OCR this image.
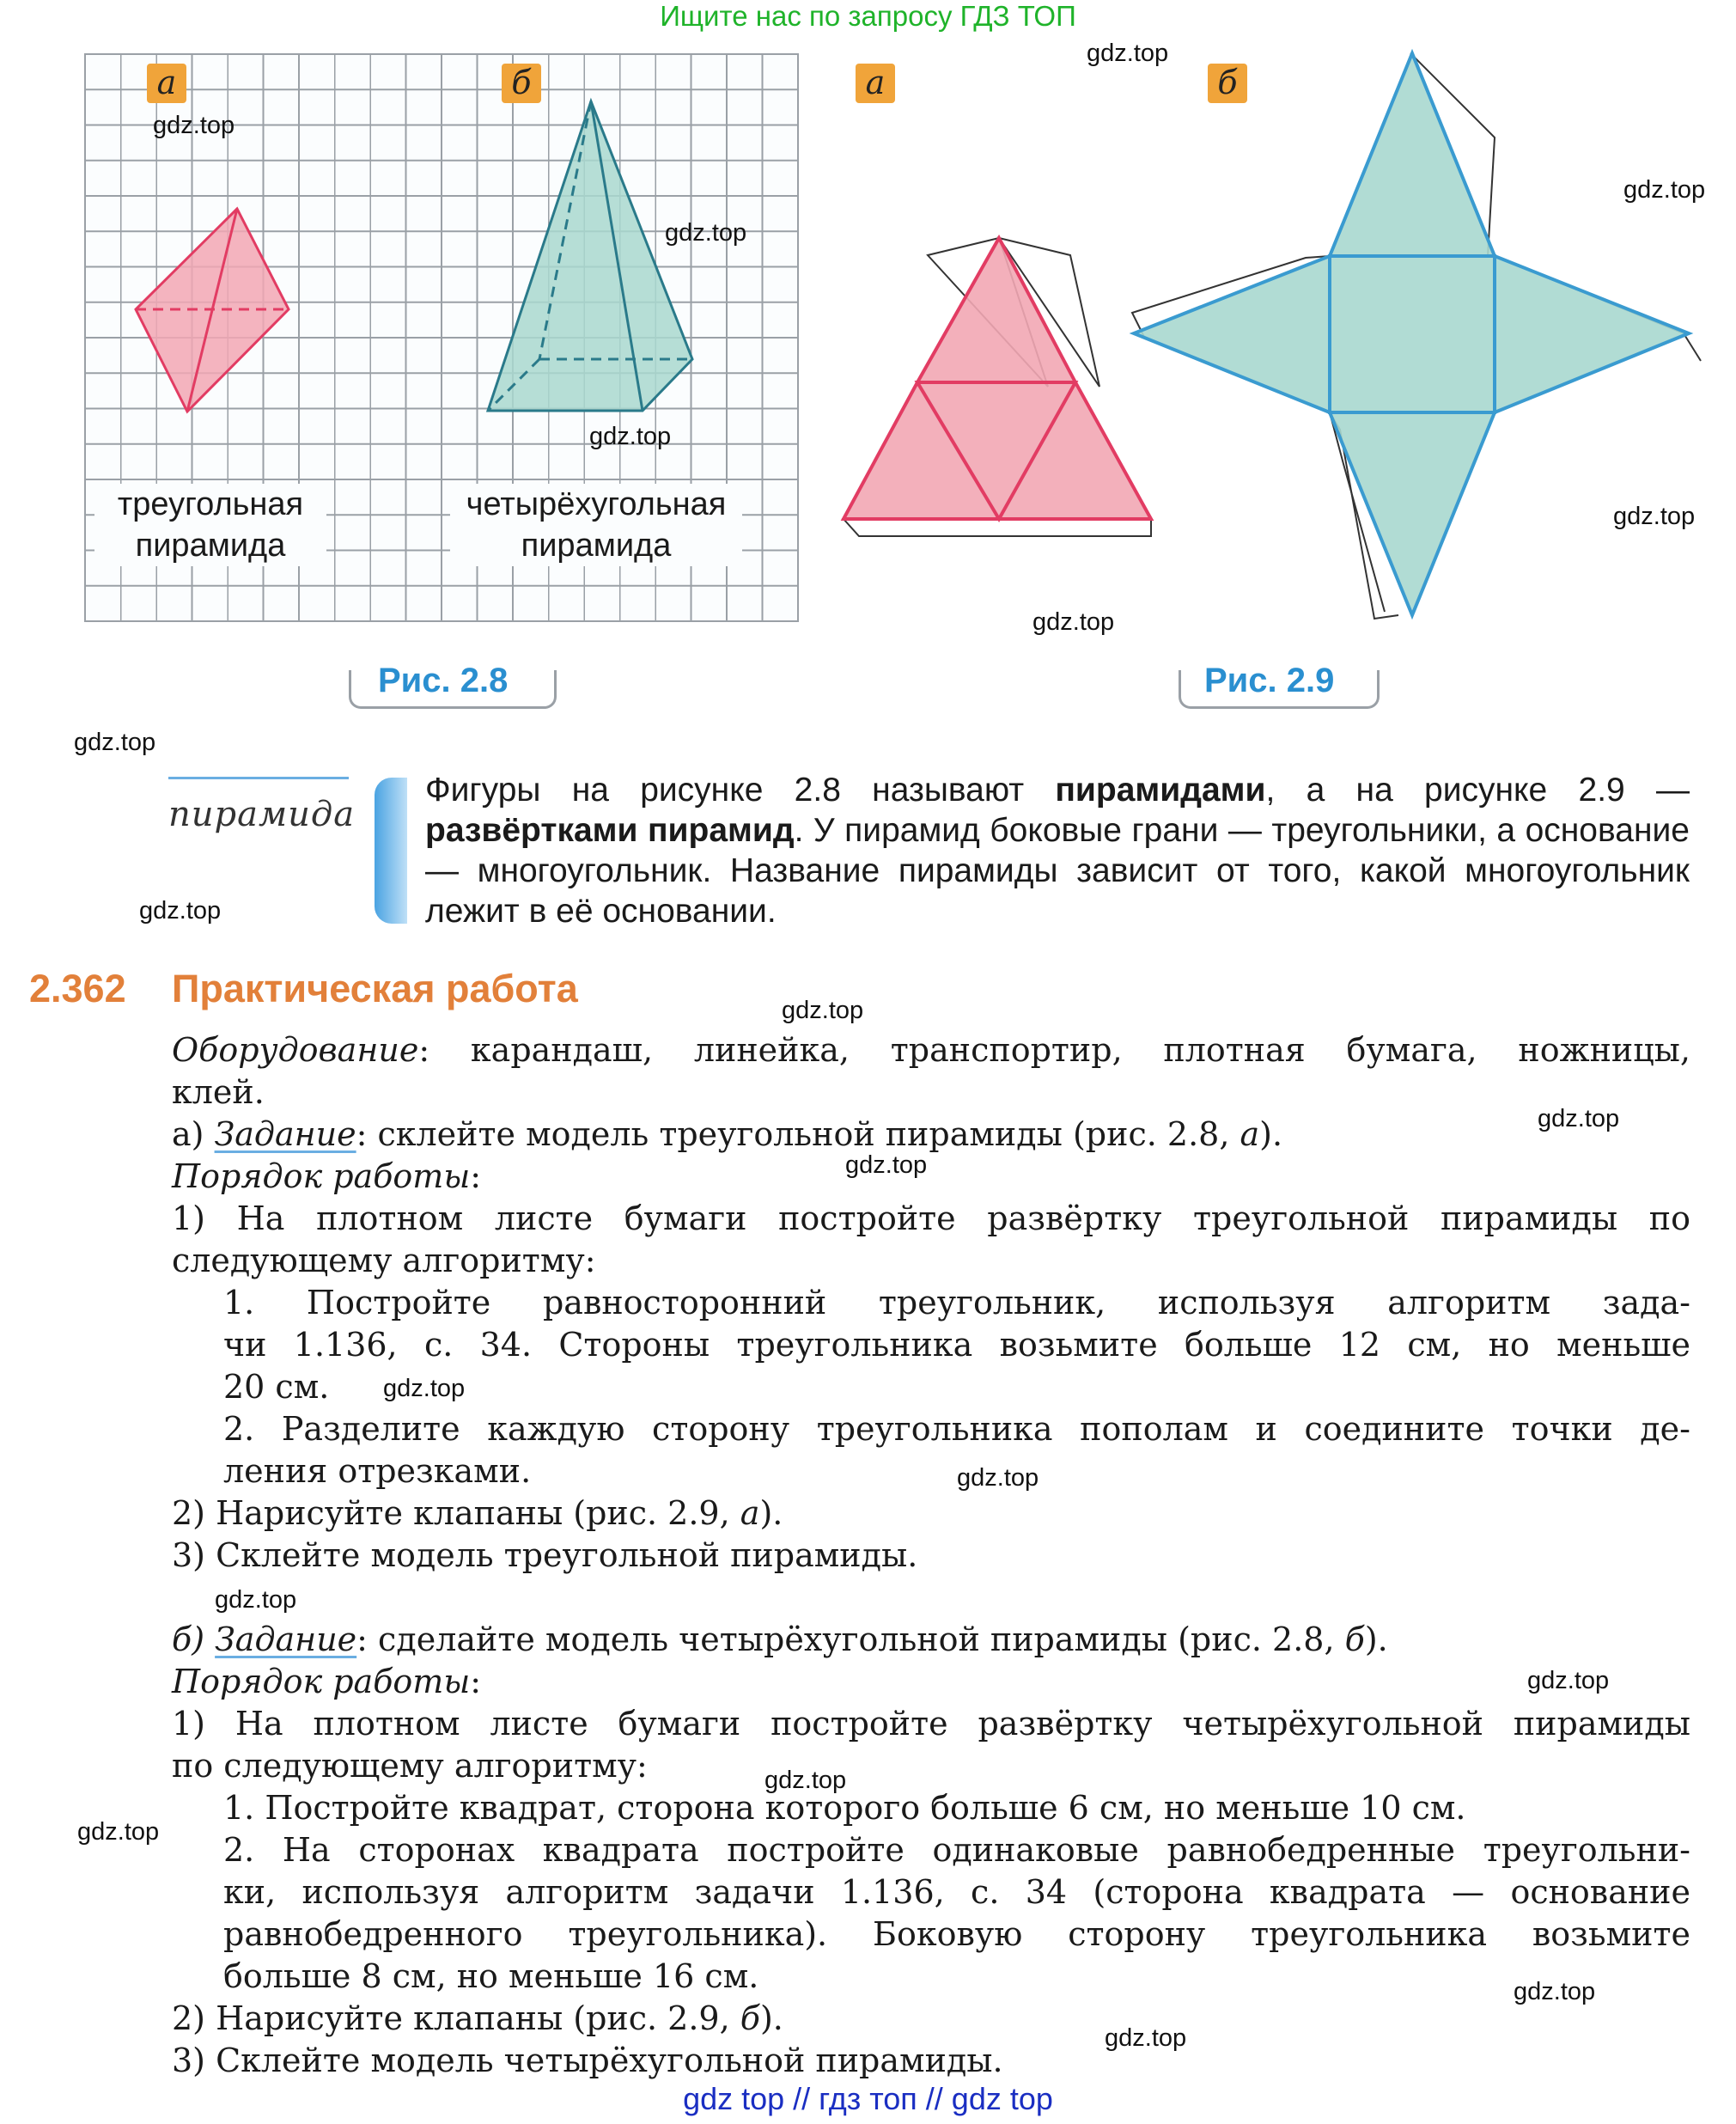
Ищите нас по запросу ГДЗ ТОП
а	б
треугольная
пирамида
четырёхугольная
пирамида
Рис. 2.8
а	б
Рис. 2.9
пирамида
Фигуры на рисунке 2.8 называют пирамидами, а на рисунке 2.9 — развёртками пирамид. У пирамид боковые грани — треугольники, а основание — многоугольник. Название пирамиды зависит от того, какой многоугольник лежит в её основании.
2.362 Практическая работа
Оборудование: карандаш, линейка, транспортир, плотная бумага, ножницы,
клей.
а) Задание: склейте модель треугольной пирамиды (рис. 2.8, а).
Порядок работы:
1) На плотном листе бумаги постройте развёртку треугольной пирамиды по
следующему алгоритму:
1. Постройте равносторонний треугольник, используя алгоритм зада-
чи 1.136, с. 34. Стороны треугольника возьмите больше 12 см, но меньше
20 см.
2. Разделите каждую сторону треугольника пополам и соедините точки де-
ления отрезками.
2) Нарисуйте клапаны (рис. 2.9, а).
3) Склейте модель треугольной пирамиды.
б) Задание: сделайте модель четырёхугольной пирамиды (рис. 2.8, б).
Порядок работы:
1) На плотном листе бумаги постройте развёртку четырёхугольной пирамиды
по следующему алгоритму:
1. Постройте квадрат, сторона которого больше 6 см, но меньше 10 см.
2. На сторонах квадрата постройте одинаковые равнобедренные треугольни-
ки, используя алгоритм задачи 1.136, с. 34 (сторона квадрата — основание
равнобедренного треугольника). Боковую сторону треугольника возьмите
больше 8 см, но меньше 16 см.
2) Нарисуйте клапаны (рис. 2.9, б).
3) Склейте модель четырёхугольной пирамиды.
gdz.top
gdz.top
gdz.top
gdz.top
gdz.top
gdz.top
gdz.top
gdz.top
gdz.top
gdz.top
gdz.top
gdz.top
gdz.top
gdz.top
gdz.top
gdz.top
gdz.top
gdz.top
gdz.top
gdz.top
gdz top // гдз топ // gdz top
